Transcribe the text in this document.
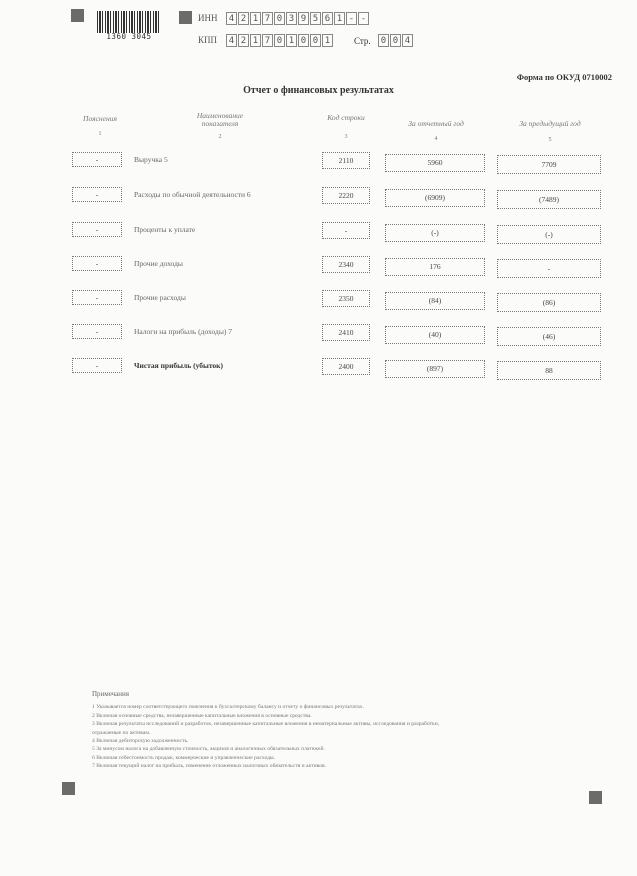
1360 3045
ИНН	4 2 1 7 0 3 9 5 6 1 - -
КПП	4 2 1 7 0 1 0 0 1	Стр.	0 0 4
Форма по ОКУД 0710002
Отчет о финансовых результатах
Пояснения
1
Наименование показателя
2
Код строки
3
За отчетный год
4
За предыдущий год
5
-	Выручка 5	2110	5960	7709
-	Расходы по обычной деятельности 6	2220	(6909)	(7489)
-	Проценты к уплате	-	(-)	(-)
-	Прочие доходы	2340	176	-
-	Прочие расходы	2350	(84)	(86)
-	Налоги на прибыль (доходы) 7	2410	(40)	(46)
-	Чистая прибыль (убыток)	2400	(897)	88
Примечания
1 Указывается номер соответствующего пояснения к бухгалтерскому балансу и отчету о финансовых результатах.
2 Включая основные средства, незавершенные капитальные вложения в основные средства.
3 Включая результаты исследований и разработок, незавершенные капитальные вложения в нематериальные активы, исследования и разработки,
отражаемые по активам.
4 Включая дебиторскую задолженность.
5 За минусом налога на добавленную стоимость, акцизов и аналогичных обязательных платежей.
6 Включая себестоимость продаж, коммерческие и управленческие расходы.
7 Включая текущий налог на прибыль, изменение отложенных налоговых обязательств и активов.
